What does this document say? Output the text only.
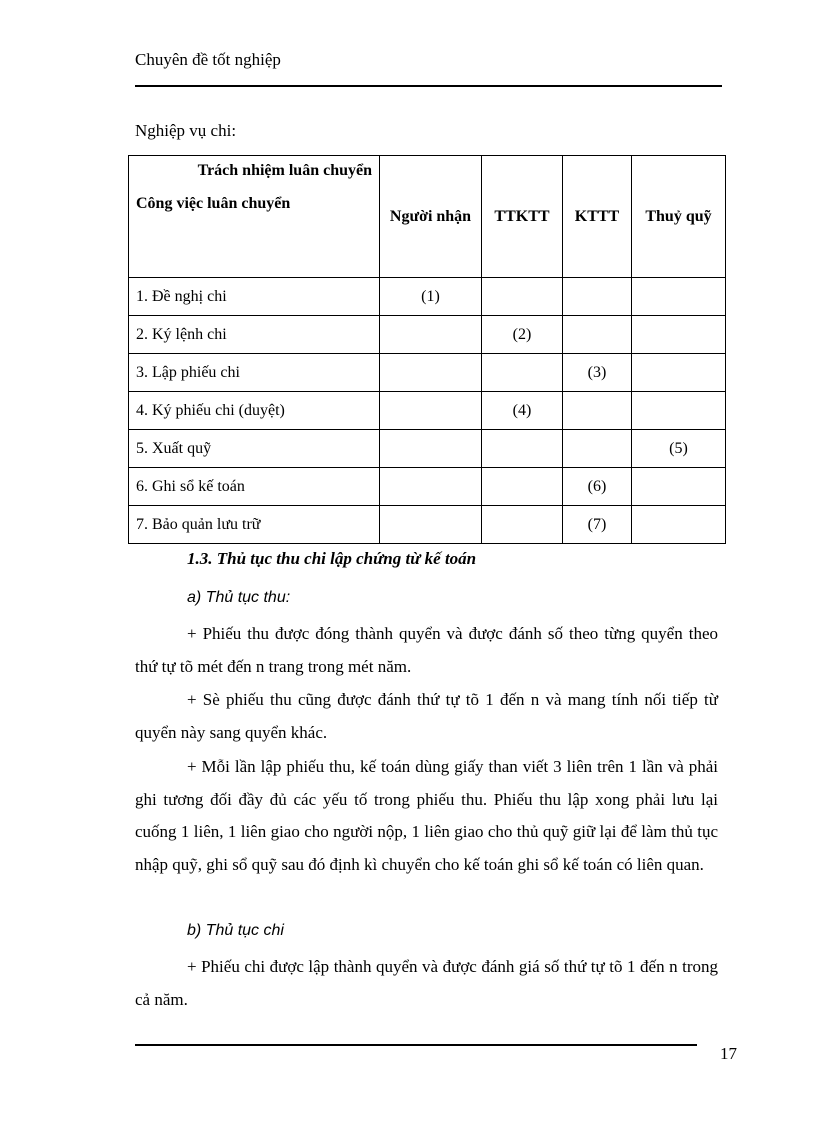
Chuyên đề tốt nghiệp
Nghiệp vụ chi:
Trách nhiệm luân chuyển
Công việc luân chuyển	Người nhận	TTKTT	KTTT	Thuỷ quỹ
1. Đề nghị chi	(1)			
2. Ký lệnh chi		(2)		
3. Lập phiếu chi			(3)	
4. Ký phiếu chi (duyệt)		(4)		
5. Xuất quỹ				(5)
6. Ghi sổ kế toán			(6)	
7. Bảo quản lưu trữ			(7)	
1.3. Thủ tục thu chi lập chứng từ kế toán
a) Thủ tục thu:
+ Phiếu thu được đóng thành quyển và được đánh số theo từng quyển theo thứ tự tõ mét đến n trang trong mét năm.
+ Sè phiếu thu cũng được đánh thứ tự tõ 1 đến n và mang tính nối tiếp từ quyển này sang quyển khác.
+ Mỗi lần lập phiếu thu, kế toán dùng giấy than viết 3 liên trên 1 lần và phải ghi tương đối đầy đủ các yếu tố trong phiếu thu. Phiếu thu lập xong phải lưu lại cuống 1 liên, 1 liên giao cho người nộp, 1 liên giao cho thủ quỹ giữ lại để làm thủ tục nhập quỹ, ghi sổ quỹ sau đó định kì chuyển cho kế toán ghi sổ kế toán có liên quan.
b) Thủ tục chi
+ Phiếu chi được lập thành quyển và được đánh giá số thứ tự tõ 1 đến n trong cả năm.
17
